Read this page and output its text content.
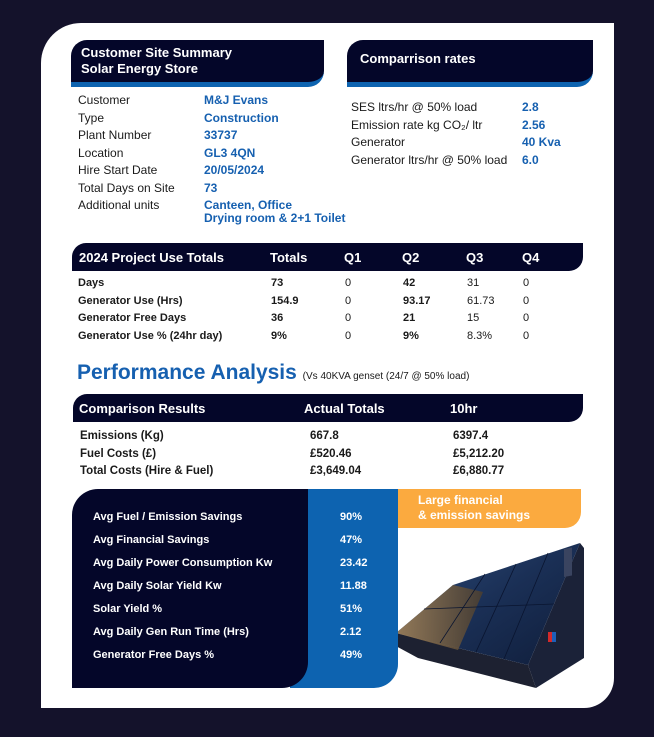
Customer Site Summary
Solar Energy Store
Comparrison rates
Customer	M&J Evans
Type	Construction
Plant Number	33737
Location	GL3 4QN
Hire Start Date	20/05/2024
Total Days on Site	73
Additional units	Canteen, Office
Drying room & 2+1 Toilet
SES ltrs/hr @ 50% load	2.8
Emission rate kg CO₂/ ltr	2.56
Generator	40 Kva
Generator ltrs/hr @ 50% load	6.0
2024 Project Use Totals	Totals	Q1	Q2	Q3	Q4
Days	73	0	42	31	0
Generator Use (Hrs)	154.9	0	93.17	61.73	0
Generator Free Days	36	0	21	15	0
Generator Use % (24hr day)	9%	0	9%	8.3%	0
Performance Analysis (Vs 40KVA genset (24/7 @ 50% load)
Comparison Results	Actual Totals	10hr
Emissions (Kg)	667.8	6397.4
Fuel Costs (£)	£520.46	£5,212.20
Total Costs (Hire & Fuel)	£3,649.04	£6,880.77
Avg Fuel / Emission Savings	90%
Avg Financial Savings	47%
Avg Daily Power Consumption Kw	23.42
Avg Daily Solar Yield Kw	11.88
Solar Yield %	51%
Avg Daily Gen Run Time (Hrs)	2.12
Generator Free Days %	49%
Large financial
& emission savings
